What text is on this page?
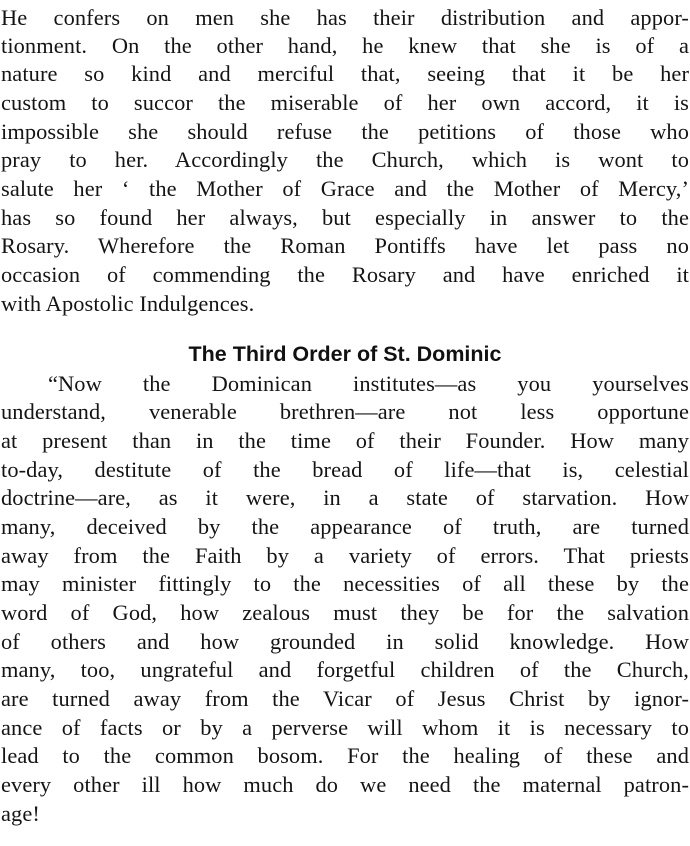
He confers on men she has their distribution and appor-
tionment. On the other hand, he knew that she is of a
nature so kind and merciful that, seeing that it be her
custom to succor the miserable of her own accord, it is
impossible she should refuse the petitions of those who
pray to her. Accordingly the Church, which is wont to
salute her ‘ the Mother of Grace and the Mother of Mercy,’
has so found her always, but especially in answer to the
Rosary. Wherefore the Roman Pontiffs have let pass no
occasion of commending the Rosary and have enriched it
with Apostolic Indulgences.
The Third Order of St. Dominic
“Now the Dominican institutes—as you yourselves
understand, venerable brethren—are not less opportune
at present than in the time of their Founder. How many
to-day, destitute of the bread of life—that is, celestial
doctrine—are, as it were, in a state of starvation. How
many, deceived by the appearance of truth, are turned
away from the Faith by a variety of errors. That priests
may minister fittingly to the necessities of all these by the
word of God, how zealous must they be for the salvation
of others and how grounded in solid knowledge. How
many, too, ungrateful and forgetful children of the Church,
are turned away from the Vicar of Jesus Christ by ignor-
ance of facts or by a perverse will whom it is necessary to
lead to the common bosom. For the healing of these and
every other ill how much do we need the maternal patron-
age!
